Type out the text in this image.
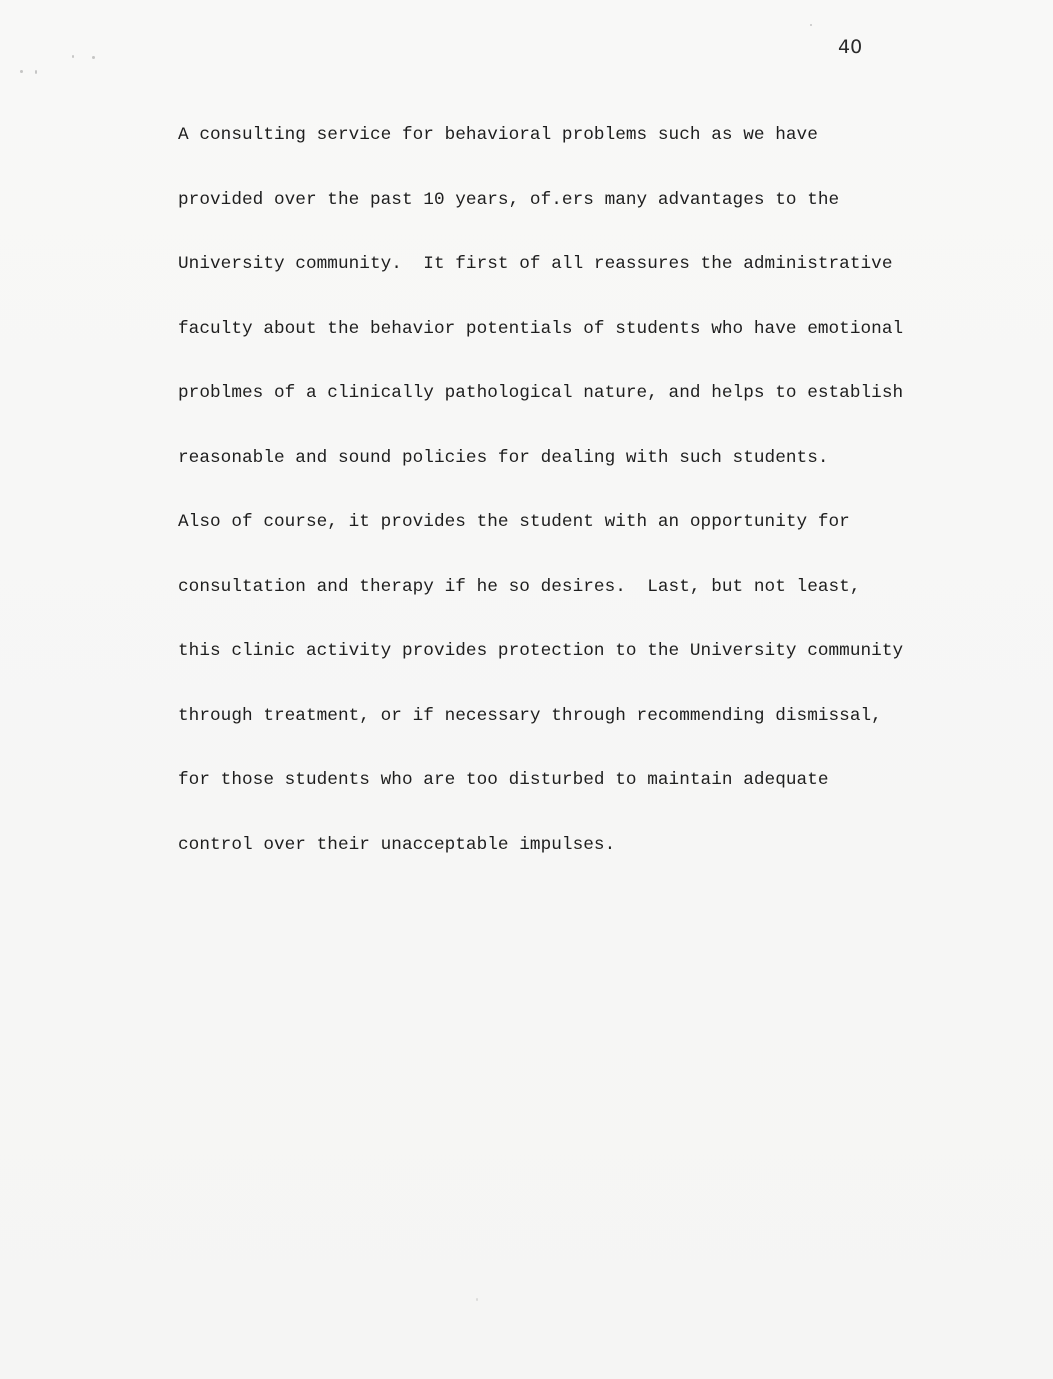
40

A consulting service for behavioral problems such as we have

provided over the past 10 years, of.ers many advantages to the

University community.  It first of all reassures the administrative

faculty about the behavior potentials of students who have emotional

problmes of a clinically pathological nature, and helps to establish

reasonable and sound policies for dealing with such students.

Also of course, it provides the student with an opportunity for

consultation and therapy if he so desires.  Last, but not least,

this clinic activity provides protection to the University community

through treatment, or if necessary through recommending dismissal,

for those students who are too disturbed to maintain adequate

control over their unacceptable impulses.
